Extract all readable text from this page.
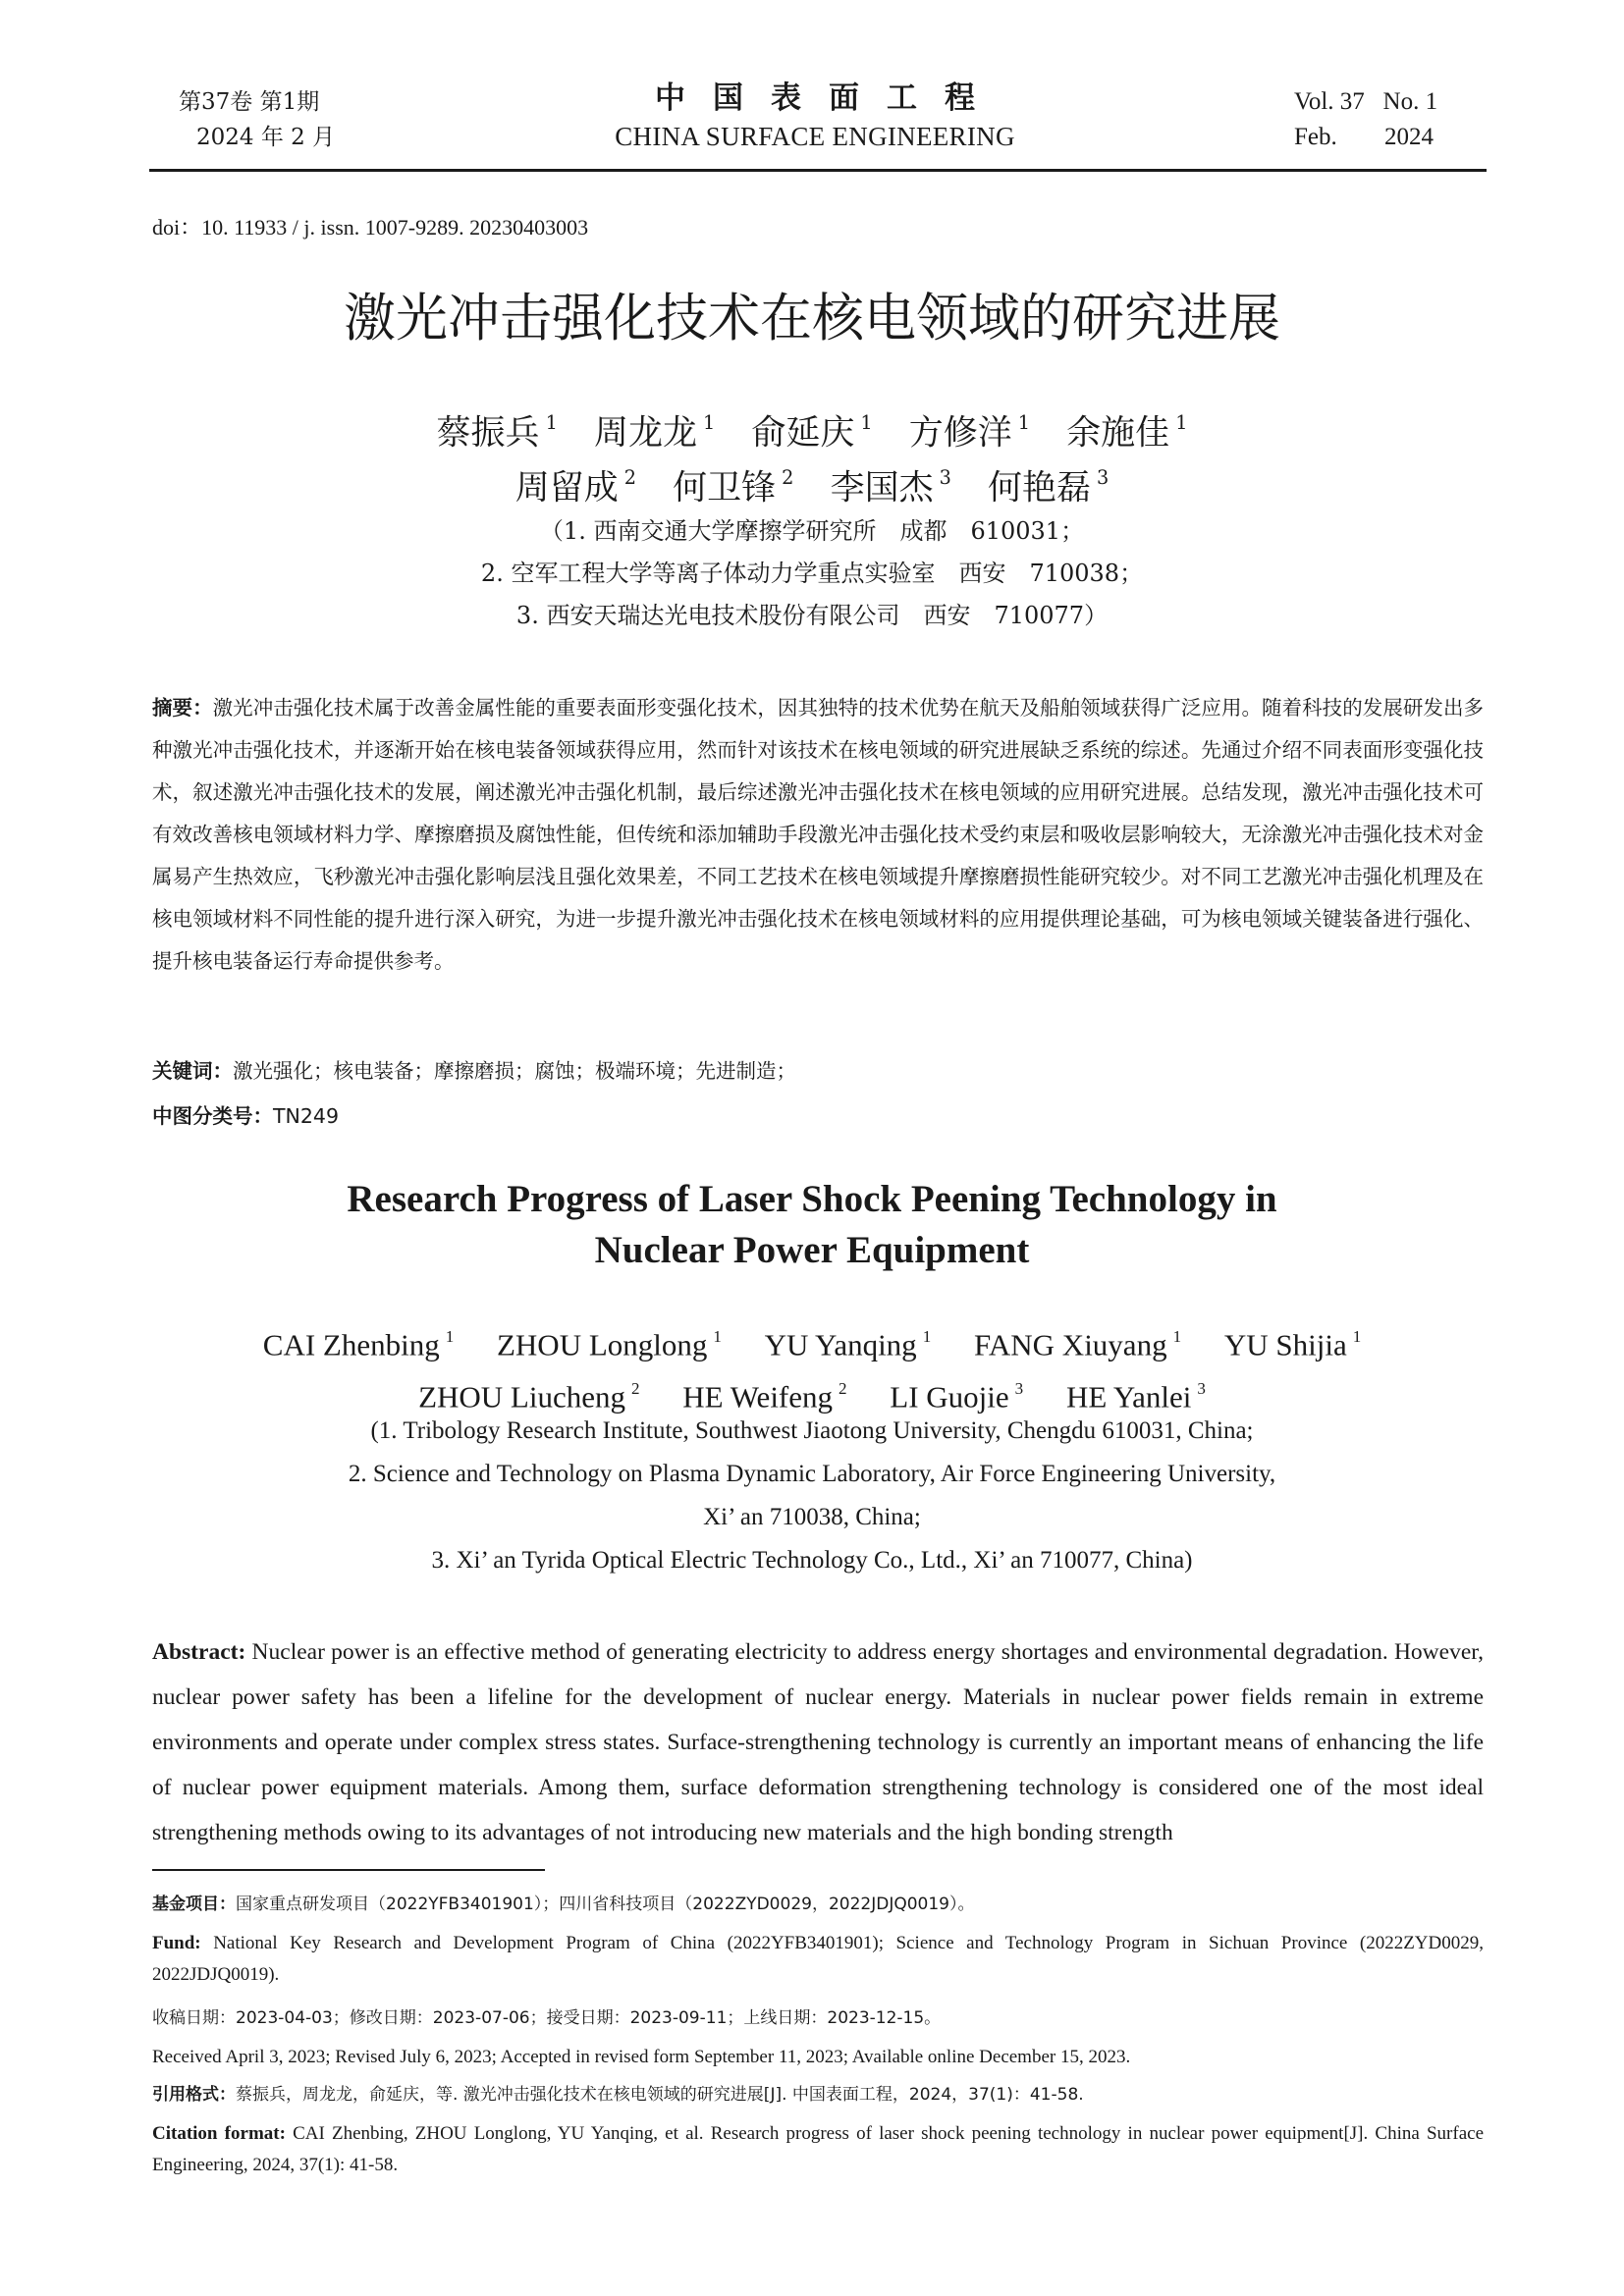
第37卷 第1期
2024 年 2 月
中国表面工程
CHINA SURFACE ENGINEERING
Vol. 37   No. 1
Feb. 2024
doi：10. 11933 / j. issn. 1007-9289. 20230403003
激光冲击强化技术在核电领域的研究进展
蔡振兵 $^1$ 周龙龙 $^1$ 俞延庆 $^1$ 方修洋 $^1$ 余施佳 $^1$
周留成 $^2$ 何卫锋 $^2$ 李国杰 $^3$ 何艳磊 $^3$
（1. 西南交通大学摩擦学研究所　成都　610031；
2. 空军工程大学等离子体动力学重点实验室　西安　710038；
3. 西安天瑞达光电技术股份有限公司　西安　710077）
摘要：激光冲击强化技术属于改善金属性能的重要表面形变强化技术，因其独特的技术优势在航天及船舶领域获得广泛应用。随着科技的发展研发出多种激光冲击强化技术，并逐渐开始在核电装备领域获得应用，然而针对该技术在核电领域的研究进展缺乏系统的综述。先通过介绍不同表面形变强化技术，叙述激光冲击强化技术的发展，阐述激光冲击强化机制，最后综述激光冲击强化技术在核电领域的应用研究进展。总结发现，激光冲击强化技术可有效改善核电领域材料力学、摩擦磨损及腐蚀性能，但传统和添加辅助手段激光冲击强化技术受约束层和吸收层影响较大，无涂激光冲击强化技术对金属易产生热效应，飞秒激光冲击强化影响层浅且强化效果差，不同工艺技术在核电领域提升摩擦磨损性能研究较少。对不同工艺激光冲击强化机理及在核电领域材料不同性能的提升进行深入研究，为进一步提升激光冲击强化技术在核电领域材料的应用提供理论基础，可为核电领域关键装备进行强化、提升核电装备运行寿命提供参考。
关键词：激光强化；核电装备；摩擦磨损；腐蚀；极端环境；先进制造；
中图分类号：TN249
Research Progress of Laser Shock Peening Technology in
Nuclear Power Equipment
CAI Zhenbing $^1$ ZHOU Longlong $^1$ YU Yanqing $^1$ FANG Xiuyang $^1$ YU Shijia $^1$
ZHOU Liucheng $^2$ HE Weifeng $^2$ LI Guojie $^3$ HE Yanlei $^3$
(1. Tribology Research Institute, Southwest Jiaotong University, Chengdu 610031, China;
2. Science and Technology on Plasma Dynamic Laboratory, Air Force Engineering University,
Xi’ an 710038, China;
3. Xi’ an Tyrida Optical Electric Technology Co., Ltd., Xi’ an 710077, China)
Abstract: Nuclear power is an effective method of generating electricity to address energy shortages and environmental degradation. However, nuclear power safety has been a lifeline for the development of nuclear energy. Materials in nuclear power fields remain in extreme environments and operate under complex stress states. Surface-strengthening technology is currently an important means of enhancing the life of nuclear power equipment materials. Among them, surface deformation strengthening technology is considered one of the most ideal strengthening methods owing to its advantages of not introducing new materials and the high bonding strength
基金项目：国家重点研发项目（2022YFB3401901）；四川省科技项目（2022ZYD0029，2022JDJQ0019）。
Fund: National Key Research and Development Program of China (2022YFB3401901); Science and Technology Program in Sichuan Province (2022ZYD0029, 2022JDJQ0019).
收稿日期：2023-04-03；修改日期：2023-07-06；接受日期：2023-09-11；上线日期：2023-12-15。
Received April 3, 2023; Revised July 6, 2023; Accepted in revised form September 11, 2023; Available online December 15, 2023.
引用格式：蔡振兵，周龙龙，俞延庆，等. 激光冲击强化技术在核电领域的研究进展[J]. 中国表面工程，2024，37(1)：41-58.
Citation format: CAI Zhenbing, ZHOU Longlong, YU Yanqing, et al. Research progress of laser shock peening technology in nuclear power equipment[J]. China Surface Engineering, 2024, 37(1): 41-58.
